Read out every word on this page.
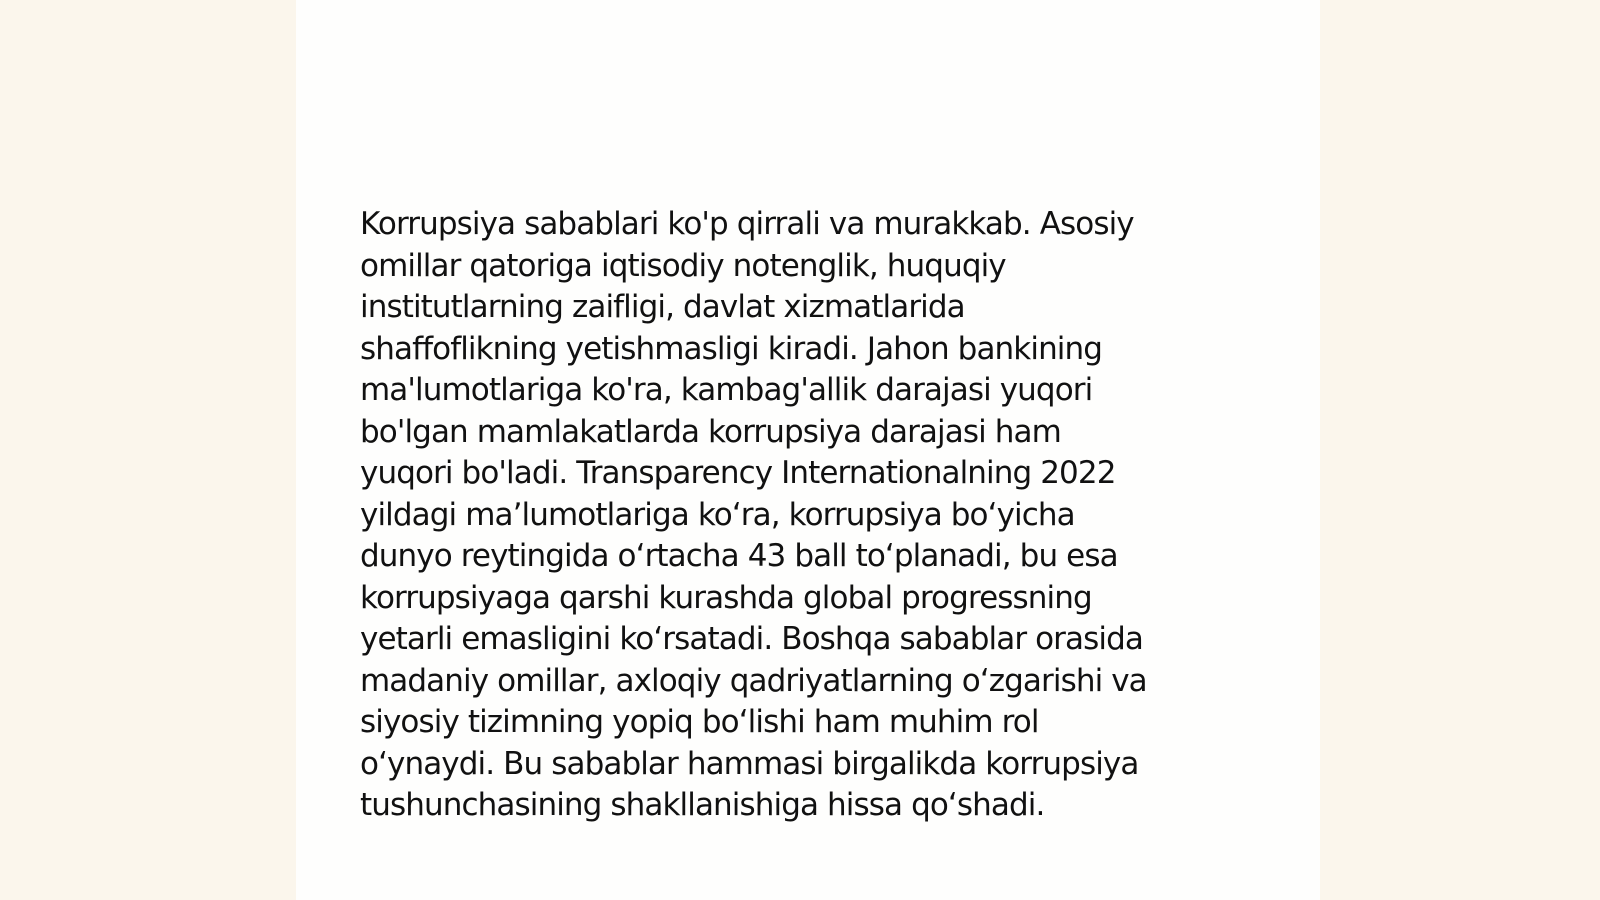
Korrupsiya sabablari ko'p qirrali va murakkab. Asosiy
omillar qatoriga iqtisodiy notenglik, huquqiy
institutlarning zaifligi, davlat xizmatlarida
shaffoflikning yetishmasligi kiradi. Jahon bankining
ma'lumotlariga ko'ra, kambag'allik darajasi yuqori
bo'lgan mamlakatlarda korrupsiya darajasi ham
yuqori bo'ladi. Transparency Internationalning 2022
yildagi ma’lumotlariga ko‘ra, korrupsiya bo‘yicha
dunyo reytingida o‘rtacha 43 ball to‘planadi, bu esa
korrupsiyaga qarshi kurashda global progressning
yetarli emasligini ko‘rsatadi. Boshqa sabablar orasida
madaniy omillar, axloqiy qadriyatlarning o‘zgarishi va
siyosiy tizimning yopiq bo‘lishi ham muhim rol
o‘ynaydi. Bu sabablar hammasi birgalikda korrupsiya
tushunchasining shakllanishiga hissa qo‘shadi.
